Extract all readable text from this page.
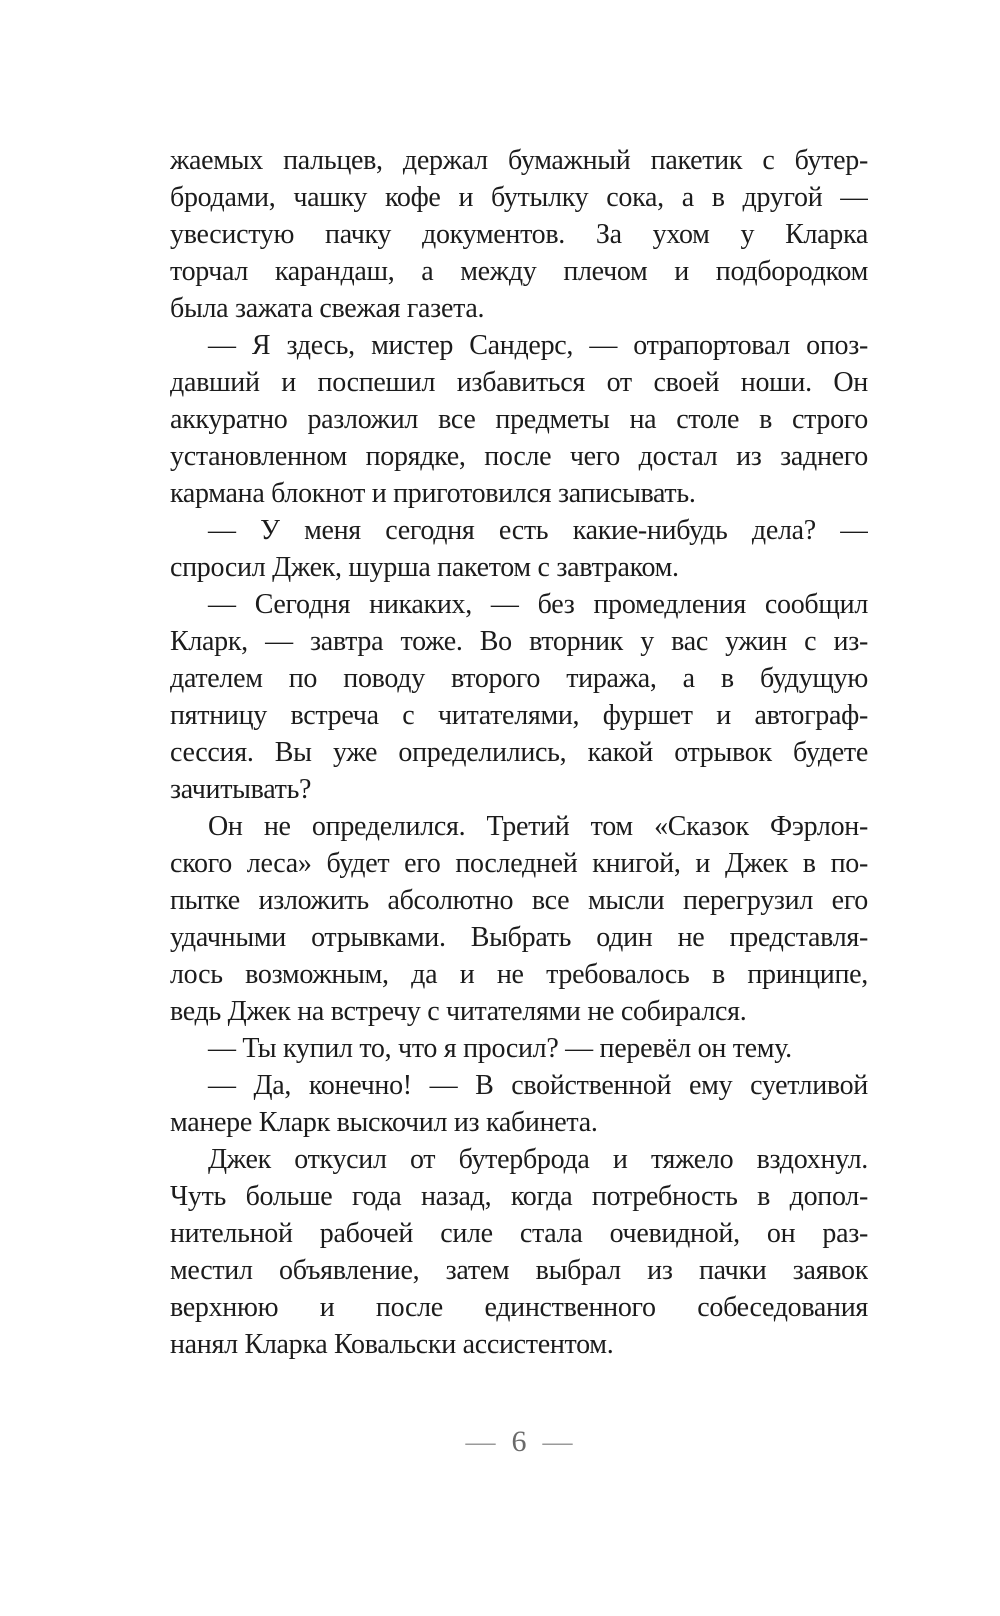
жаемых пальцев, держал бумажный пакетик с бутер-
бродами, чашку кофе и бутылку сока, а в другой —
увесистую пачку документов. За ухом у Кларка
торчал карандаш, а между плечом и подбородком
была зажата свежая газета.
— Я здесь, мистер Сандерс, — отрапортовал опоз-
давший и поспешил избавиться от своей ноши. Он
аккуратно разложил все предметы на столе в строго
установленном порядке, после чего достал из заднего
кармана блокнот и приготовился записывать.
— У меня сегодня есть какие-нибудь дела? —
спросил Джек, шурша пакетом с завтраком.
— Сегодня никаких, — без промедления сообщил
Кларк, — завтра тоже. Во вторник у вас ужин с из-
дателем по поводу второго тиража, а в будущую
пятницу встреча с читателями, фуршет и автограф-
сессия. Вы уже определились, какой отрывок будете
зачитывать?
Он не определился. Третий том «Сказок Фэрлон-
ского леса» будет его последней книгой, и Джек в по-
пытке изложить абсолютно все мысли перегрузил его
удачными отрывками. Выбрать один не представля-
лось возможным, да и не требовалось в принципе,
ведь Джек на встречу с читателями не собирался.
— Ты купил то, что я просил? — перевёл он тему.
— Да, конечно! — В свойственной ему суетливой
манере Кларк выскочил из кабинета.
Джек откусил от бутерброда и тяжело вздохнул.
Чуть больше года назад, когда потребность в допол-
нительной рабочей силе стала очевидной, он раз-
местил объявление, затем выбрал из пачки заявок
верхнюю и после единственного собеседования
нанял Кларка Ковальски ассистентом.
— 6 —
